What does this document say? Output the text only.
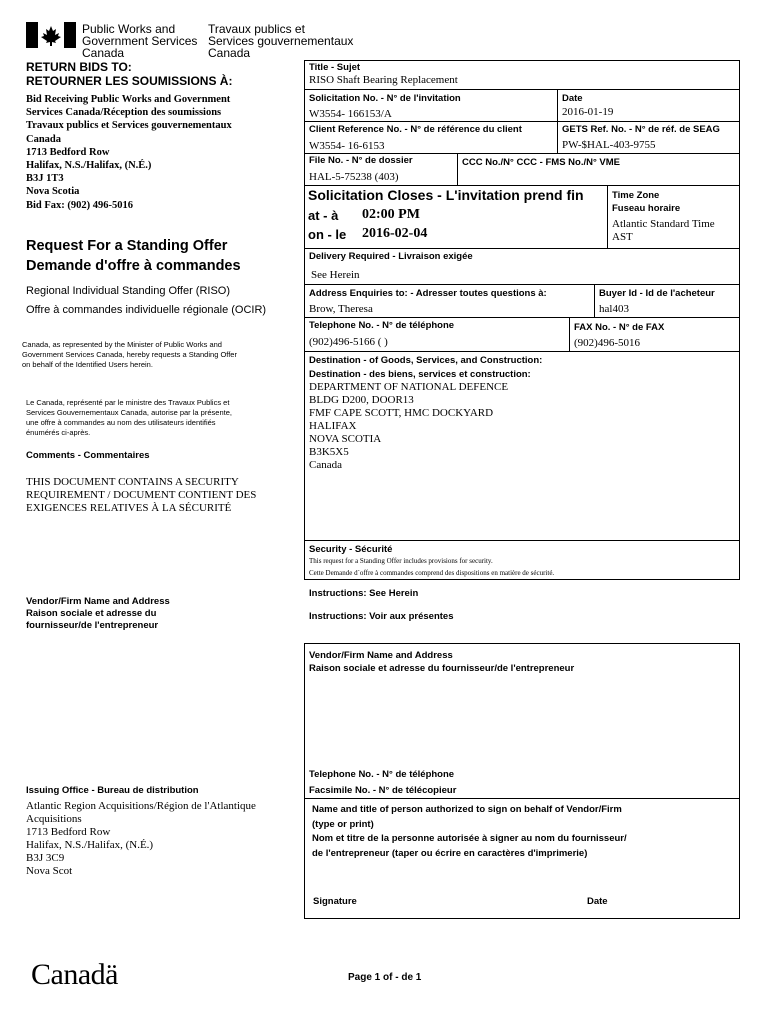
Public Works and
Government Services
Canada
Travaux publics et
Services gouvernementaux
Canada
RETURN BIDS TO:
RETOURNER LES SOUMISSIONS À:
Bid Receiving Public Works and Government
Services Canada/Réception des soumissions
Travaux publics et Services gouvernementaux
Canada
1713 Bedford Row
Halifax, N.S./Halifax, (N.É.)
B3J 1T3
Nova Scotia
Bid Fax: (902) 496-5016
Request For a Standing Offer
Demande d'offre à commandes
Regional Individual Standing Offer (RISO)
Offre à commandes individuelle régionale (OCIR)
Canada, as represented by the Minister of Public Works and
Government Services Canada, hereby requests a Standing Offer
on behalf of the Identified Users herein.
Le Canada, représenté par le ministre des Travaux Publics et
Services Gouvernementaux Canada, autorise par la présente,
une offre à commandes au nom des utilisateurs identifiés
énumérés ci-après.
Comments - Commentaires
THIS DOCUMENT CONTAINS A SECURITY
REQUIREMENT / DOCUMENT CONTIENT DES
EXIGENCES RELATIVES À LA SÉCURITÉ
Vendor/Firm Name and Address
Raison sociale et adresse du
fournisseur/de l'entrepreneur
Issuing Office - Bureau de distribution
Atlantic Region Acquisitions/Région de l'Atlantique
Acquisitions
1713 Bedford Row
Halifax, N.S./Halifax, (N.É.)
B3J 3C9
Nova Scot
Title - Sujet
RISO Shaft Bearing Replacement
Solicitation No. - N° de l'invitation
W3554- 166153/A
Date
2016-01-19
Client Reference No. - N° de référence du client
W3554- 16-6153
GETS Ref. No. - N° de réf. de SEAG
PW-$HAL-403-9755
File No. - N° de dossier
HAL-5-75238 (403)
CCC No./N° CCC - FMS No./N° VME
Solicitation Closes - L'invitation prend fin
at - à 02:00 PM
on - le 2016-02-04
Time Zone
Fuseau horaire
Atlantic Standard Time
AST
Delivery Required - Livraison exigée
See Herein
Address Enquiries to: - Adresser toutes questions à:
Brow, Theresa
Buyer Id - Id de l'acheteur
hal403
Telephone No. - N° de téléphone
(902)496-5166 ( )
FAX No. - N° de FAX
(902)496-5016
Destination - of Goods, Services, and Construction:
Destination - des biens, services et construction:
DEPARTMENT OF NATIONAL DEFENCE
BLDG D200, DOOR13
FMF CAPE SCOTT, HMC DOCKYARD
HALIFAX
NOVA SCOTIA
B3K5X5
Canada
Security - Sécurité
This request for a Standing Offer includes provisions for security.
Cette Demande d`offre à commandes comprend des dispositions en matière de sécurité.
Instructions: See Herein
Instructions: Voir aux présentes
Vendor/Firm Name and Address
Raison sociale et adresse du fournisseur/de l'entrepreneur
Telephone No. - N° de téléphone
Facsimile No. - N° de télécopieur
Name and title of person authorized to sign on behalf of Vendor/Firm
(type or print)
Nom et titre de la personne autorisée à signer au nom du fournisseur/
de l'entrepreneur (taper ou écrire en caractères d'imprimerie)
Signature	Date
Canadä	Page 1 of - de 1
